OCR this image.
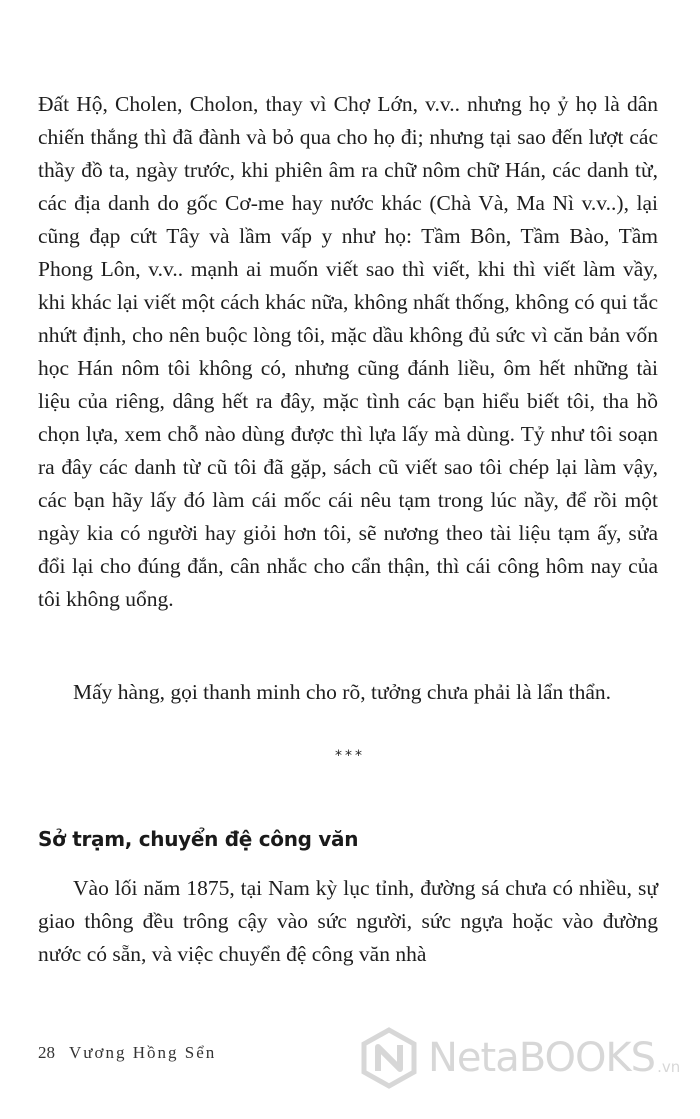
Đất Hộ, Cholen, Cholon, thay vì Chợ Lớn, v.v.. nhưng họ ỷ họ là dân chiến thắng thì đã đành và bỏ qua cho họ đi; nhưng tại sao đến lượt các thầy đồ ta, ngày trước, khi phiên âm ra chữ nôm chữ Hán, các danh từ, các địa danh do gốc Cơ-me hay nước khác (Chà Và, Ma Nì v.v..), lại cũng đạp cứt Tây và lầm vấp y như họ: Tầm Bôn, Tầm Bào, Tầm Phong Lôn, v.v.. mạnh ai muốn viết sao thì viết, khi thì viết làm vầy, khi khác lại viết một cách khác nữa, không nhất thống, không có qui tắc nhứt định, cho nên buộc lòng tôi, mặc dầu không đủ sức vì căn bản vốn học Hán nôm tôi không có, nhưng cũng đánh liều, ôm hết những tài liệu của riêng, dâng hết ra đây, mặc tình các bạn hiểu biết tôi, tha hồ chọn lựa, xem chỗ nào dùng được thì lựa lấy mà dùng. Tỷ như tôi soạn ra đây các danh từ cũ tôi đã gặp, sách cũ viết sao tôi chép lại làm vậy, các bạn hãy lấy đó làm cái mốc cái nêu tạm trong lúc nầy, để rồi một ngày kia có người hay giỏi hơn tôi, sẽ nương theo tài liệu tạm ấy, sửa đổi lại cho đúng đắn, cân nhắc cho cẩn thận, thì cái công hôm nay của tôi không uổng.

Mấy hàng, gọi thanh minh cho rõ, tưởng chưa phải là lẩn thẩn.

***
Sở trạm, chuyển đệ công văn

Vào lối năm 1875, tại Nam kỳ lục tỉnh, đường sá chưa có nhiều, sự giao thông đều trông cậy vào sức người, sức ngựa hoặc vào đường nước có sẵn, và việc chuyển đệ công văn nhà

28 Vương Hồng Sển	NetaBOOKS .vn
